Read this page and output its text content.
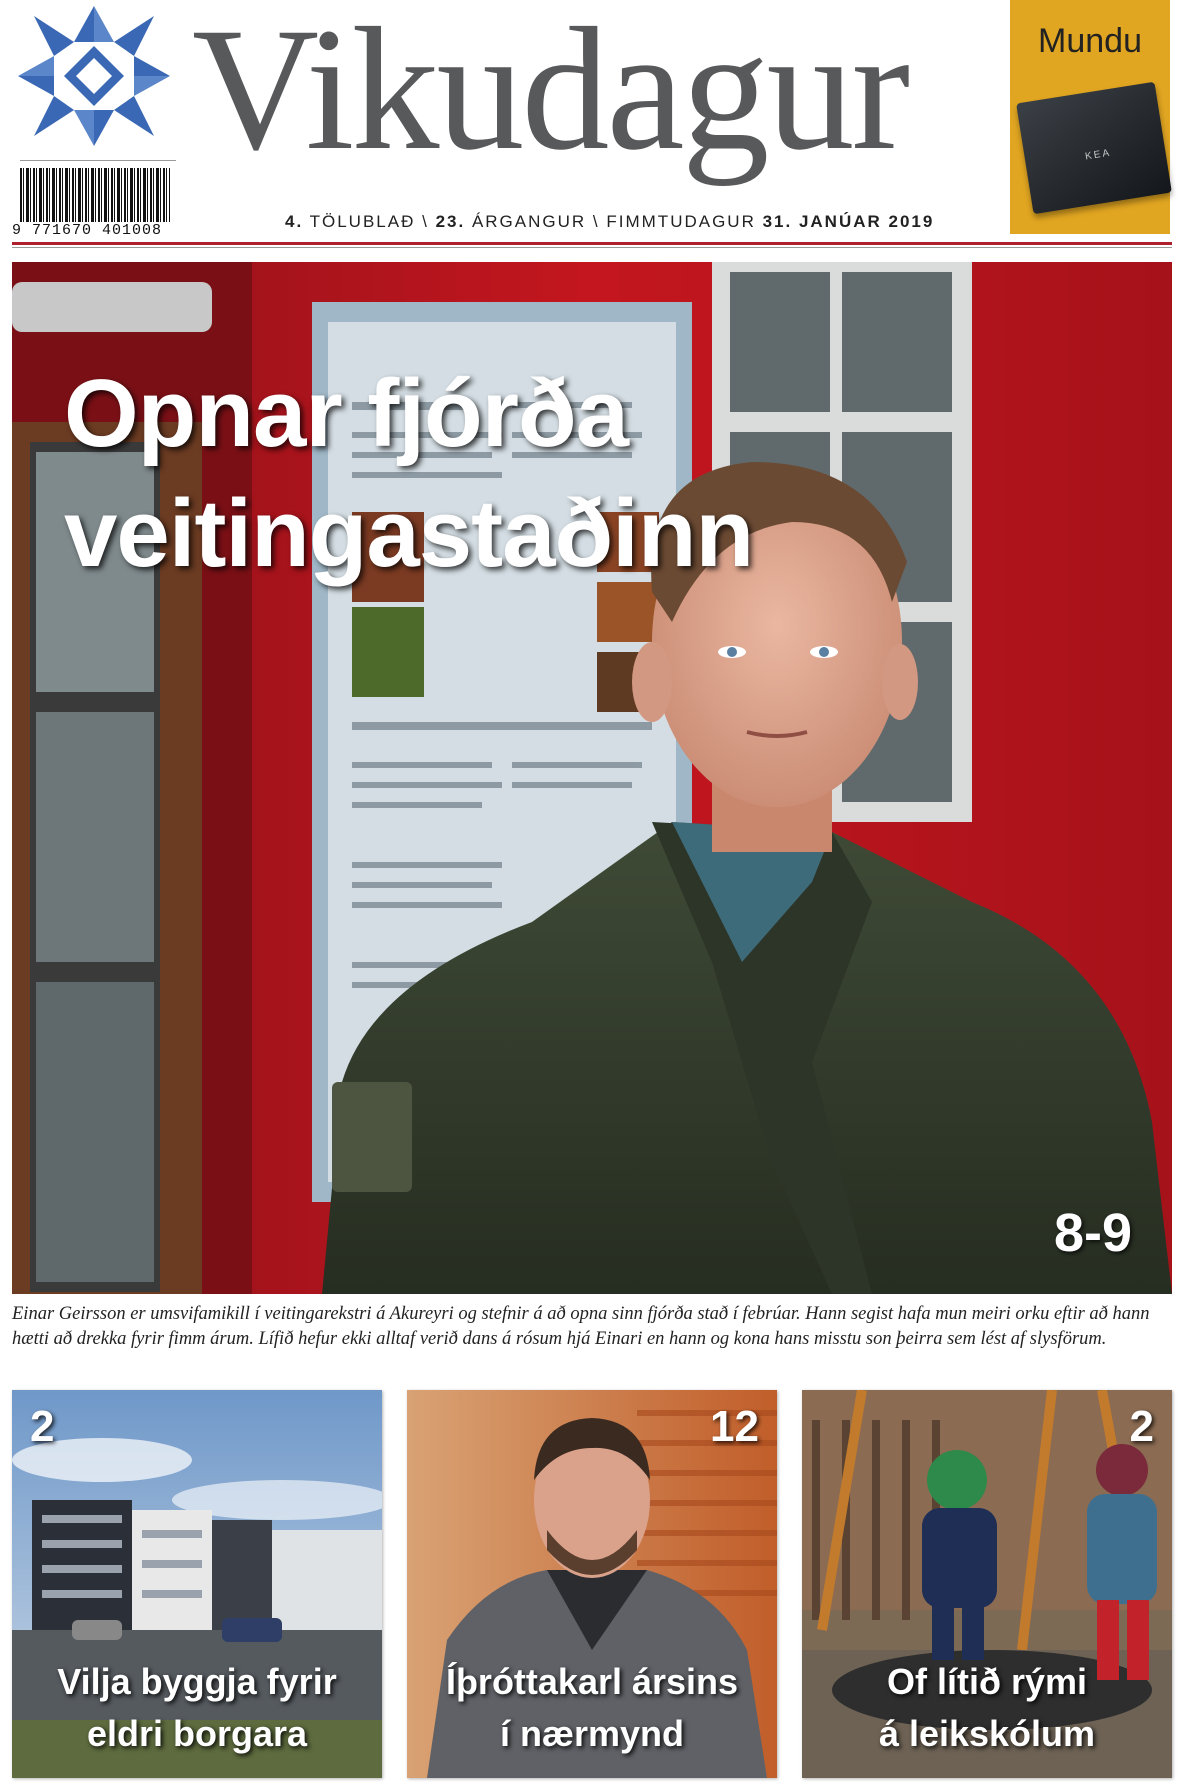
9 771670 401008
Vikudagur
4. TÖLUBLAÐ \ 23. ÁRGANGUR \ FIMMTUDAGUR 31. JANÚAR 2019
Mundu
KEA
Opnar fjórða
veitingastaðinn
8-9

Einar Geirsson er umsvifamikill í veitingarekstri á Akureyri og stefnir á að opna sinn fjórða stað í febrúar. Hann segist hafa mun meiri orku eftir að hann hætti að drekka fyrir fimm árum. Lífið hefur ekki alltaf verið dans á rósum hjá Einari en hann og kona hans misstu son þeirra sem lést af slysförum.

2
Vilja byggja fyrir
eldri borgara
12
Íþróttakarl ársins
í nærmynd
2
Of lítið rými
á leikskólum
